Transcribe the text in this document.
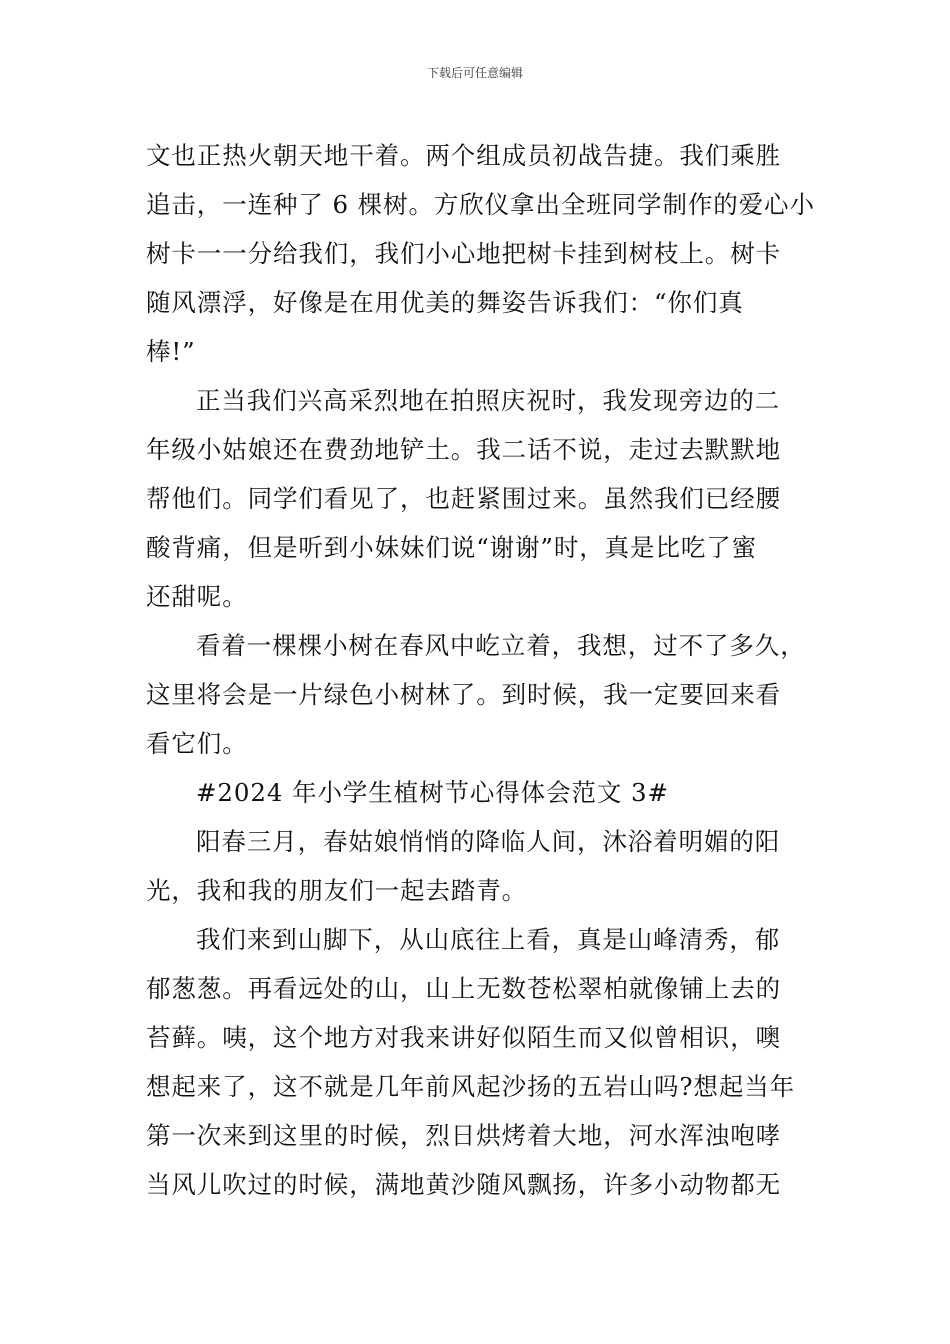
下载后可任意编辑
文也正热火朝天地干着。两个组成员初战告捷。我们乘胜
追击，一连种了 6 棵树。方欣仪拿出全班同学制作的爱心小
树卡一一分给我们，我们小心地把树卡挂到树枝上。树卡
随风漂浮，好像是在用优美的舞姿告诉我们：“你们真
棒!”
正当我们兴高采烈地在拍照庆祝时，我发现旁边的二
年级小姑娘还在费劲地铲土。我二话不说，走过去默默地
帮他们。同学们看见了，也赶紧围过来。虽然我们已经腰
酸背痛，但是听到小妹妹们说“谢谢”时，真是比吃了蜜
还甜呢。
看着一棵棵小树在春风中屹立着，我想，过不了多久，
这里将会是一片绿色小树林了。到时候，我一定要回来看
看它们。
#2024 年小学生植树节心得体会范文 3#
阳春三月，春姑娘悄悄的降临人间，沐浴着明媚的阳
光，我和我的朋友们一起去踏青。
我们来到山脚下，从山底往上看，真是山峰清秀，郁
郁葱葱。再看远处的山，山上无数苍松翠柏就像铺上去的
苔藓。咦，这个地方对我来讲好似陌生而又似曾相识，噢
想起来了，这不就是几年前风起沙扬的五岩山吗?想起当年
第一次来到这里的时候，烈日烘烤着大地，河水浑浊咆哮
当风儿吹过的时候，满地黄沙随风飘扬，许多小动物都无
